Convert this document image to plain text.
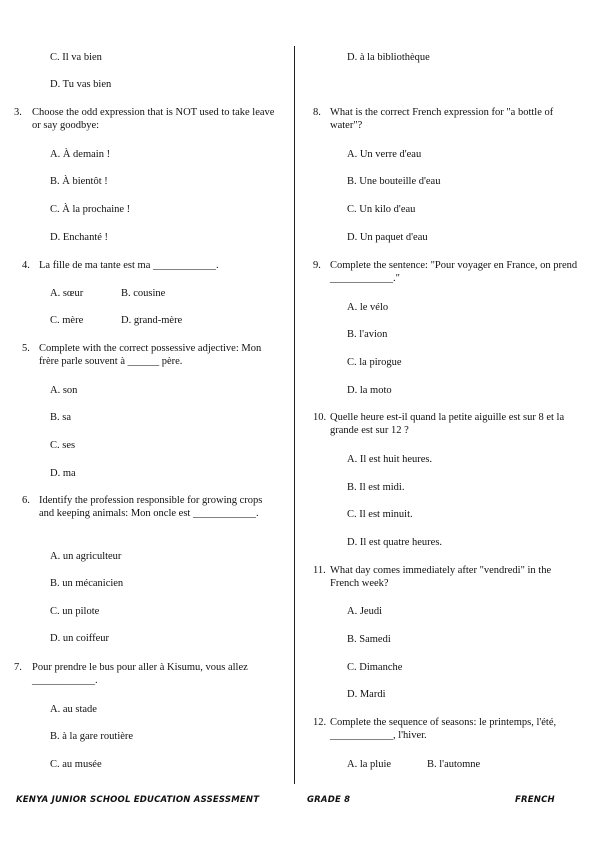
C. Il va bien
D. Tu vas bien
3. Choose the odd expression that is NOT used to take leave or say goodbye:
A. À demain !
B. À bientôt !
C. À la prochaine !
D. Enchanté !
4. La fille de ma tante est ma ____________.
A. sœur	B. cousine
C. mère	D. grand-mère
5. Complete with the correct possessive adjective: Mon frère parle souvent à ______ père.
A. son
B. sa
C. ses
D. ma
6. Identify the profession responsible for growing crops and keeping animals: Mon oncle est ____________.
A. un agriculteur
B. un mécanicien
C. un pilote
D. un coiffeur
7. Pour prendre le bus pour aller à Kisumu, vous allez ____________.
A. au stade
B. à la gare routière
C. au musée
D. à la bibliothèque
8. What is the correct French expression for "a bottle of water"?
A. Un verre d'eau
B. Une bouteille d'eau
C. Un kilo d'eau
D. Un paquet d'eau
9. Complete the sentence: "Pour voyager en France, on prend ____________."
A. le vélo
B. l'avion
C. la pirogue
D. la moto
10. Quelle heure est-il quand la petite aiguille est sur 8 et la grande est sur 12 ?
A. Il est huit heures.
B. Il est midi.
C. Il est minuit.
D. Il est quatre heures.
11. What day comes immediately after "vendredi" in the French week?
A. Jeudi
B. Samedi
C. Dimanche
D. Mardi
12. Complete the sequence of seasons: le printemps, l'été, ____________, l'hiver.
A. la pluie	B. l'automne
KENYA JUNIOR SCHOOL EDUCATION ASSESSMENT	GRADE 8	FRENCH
